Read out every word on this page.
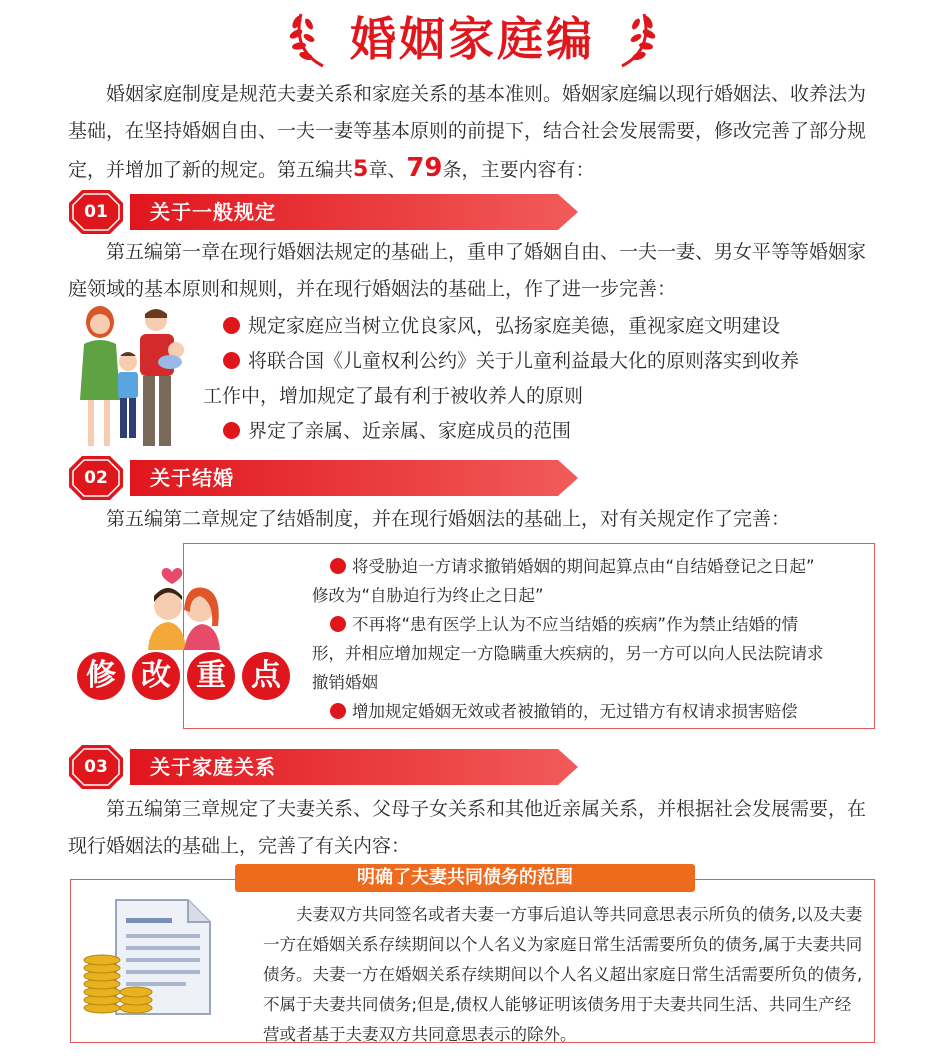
婚姻家庭编

婚姻家庭制度是规范夫妻关系和家庭关系的基本准则。婚姻家庭编以现行婚姻法、收养法为基础，在坚持婚姻自由、一夫一妻等基本原则的前提下，结合社会发展需要，修改完善了部分规定，并增加了新的规定。第五编共5章、79条，主要内容有：

01	关于一般规定

第五编第一章在现行婚姻法规定的基础上，重申了婚姻自由、一夫一妻、男女平等等婚姻家庭领域的基本原则和规则，并在现行婚姻法的基础上，作了进一步完善：

规定家庭应当树立优良家风，弘扬家庭美德，重视家庭文明建设
将联合国《儿童权利公约》关于儿童利益最大化的原则落实到收养
工作中，增加规定了最有利于被收养人的原则
界定了亲属、近亲属、家庭成员的范围
02	关于结婚

第五编第二章规定了结婚制度，并在现行婚姻法的基础上，对有关规定作了完善：

修 改 重 点
将受胁迫一方请求撤销婚姻的期间起算点由“自结婚登记之日起”
修改为“自胁迫行为终止之日起”
不再将“患有医学上认为不应当结婚的疾病”作为禁止结婚的情
形，并相应增加规定一方隐瞒重大疾病的，另一方可以向人民法院请求
撤销婚姻
增加规定婚姻无效或者被撤销的，无过错方有权请求损害赔偿
03	关于家庭关系

第五编第三章规定了夫妻关系、父母子女关系和其他近亲属关系，并根据社会发展需要，在现行婚姻法的基础上，完善了有关内容：

明确了夫妻共同债务的范围

夫妻双方共同签名或者夫妻一方事后追认等共同意思表示所负的债务,以及夫妻一方在婚姻关系存续期间以个人名义为家庭日常生活需要所负的债务,属于夫妻共同债务。夫妻一方在婚姻关系存续期间以个人名义超出家庭日常生活需要所负的债务,不属于夫妻共同债务;但是,债权人能够证明该债务用于夫妻共同生活、共同生产经营或者基于夫妻双方共同意思表示的除外。
